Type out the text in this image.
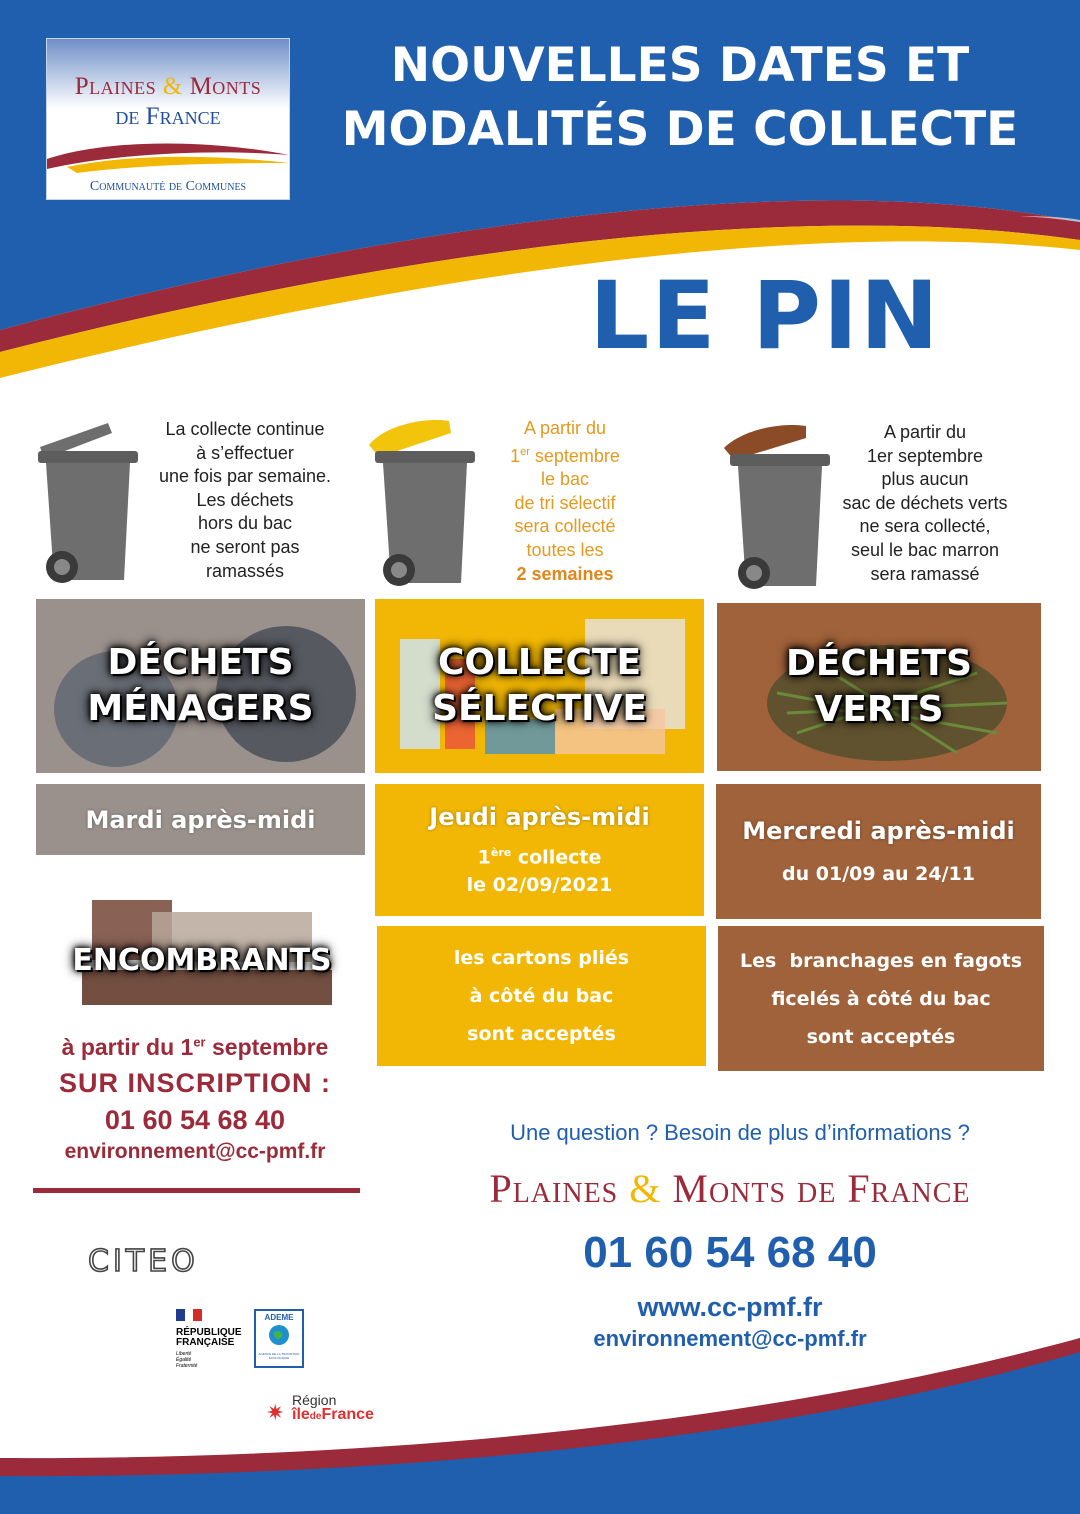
Plaines & Monts
de France
Communauté de Communes
NOUVELLES DATES ET
MODALITÉS DE COLLECTE
LE PIN
La collecte continue
à s’effectuer
une fois par semaine.
Les déchets
hors du bac
ne seront pas
ramassés
A partir du
1er septembre
le bac
de tri sélectif
sera collecté
toutes les
2 semaines
A partir du
1er septembre
plus aucun
sac de déchets verts
ne sera collecté,
seul le bac marron
sera ramassé
DÉCHETS
MÉNAGERS
COLLECTE
SÉLECTIVE
DÉCHETS
VERTS
Mardi après-midi	Jeudi après-midi
1ère collecte
le 02/09/2021
Mercredi après-midi
du 01/09 au 24/11
les cartons pliés
à côté du bac
sont acceptés
Les  branchages en fagots
ficelés à côté du bac
sont acceptés
ENCOMBRANTS
à partir du 1er septembre
SUR INSCRIPTION :
01 60 54 68 40
environnement@cc-pmf.fr
Une question ? Besoin de plus d’informations ?
Plaines & Monts de France
01 60 54 68 40
www.cc-pmf.fr
environnement@cc-pmf.fr
CITEO
RÉPUBLIQUE
FRANÇAISE
Liberté
Égalité
Fraternité
ADEME
AGENCE DE LA TRANSITION ÉCOLOGIQUE
✷ Région
îledeFrance
